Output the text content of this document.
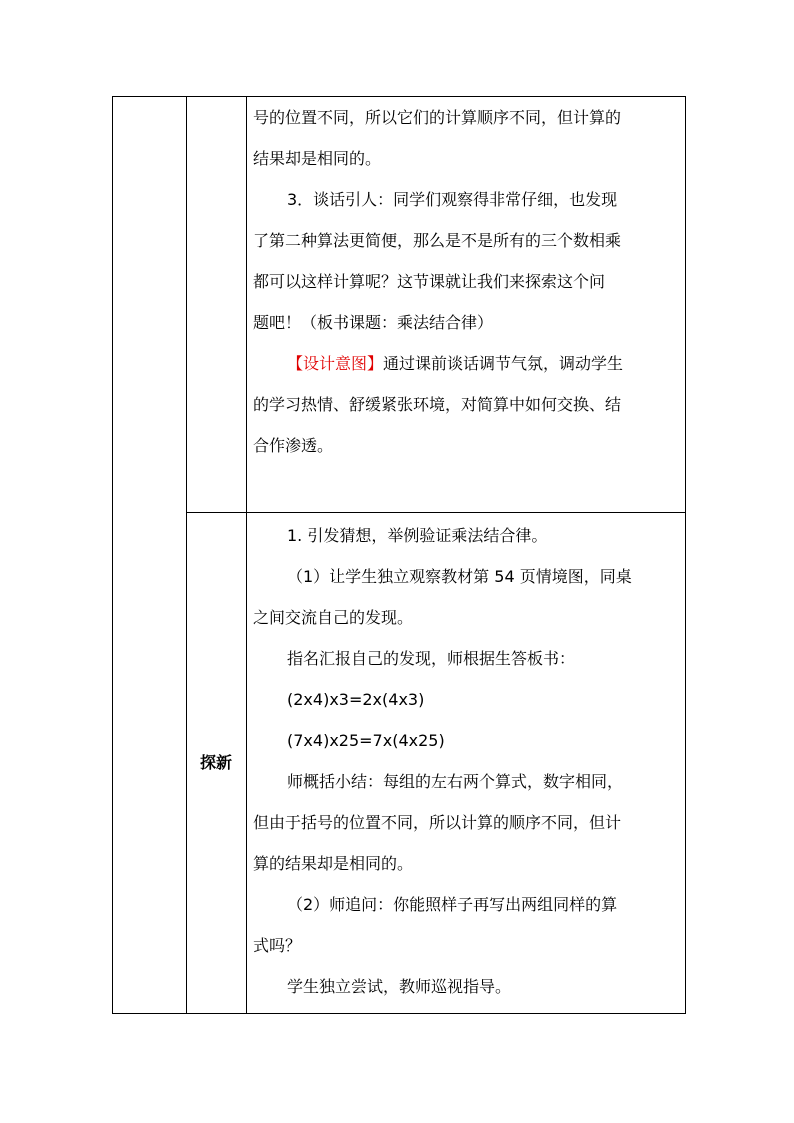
号的位置不同，所以它们的计算顺序不同，但计算的
结果却是相同的。
3．谈话引人：同学们观察得非常仔细，也发现
了第二种算法更简便，那么是不是所有的三个数相乘
都可以这样计算呢？这节课就让我们来探索这个问
题吧！（板书课题：乘法结合律）
【设计意图】通过课前谈话调节气氛，调动学生
的学习热情、舒缓紧张环境，对简算中如何交换、结
合作渗透。
探新
1. 引发猜想，举例验证乘法结合律。
（1）让学生独立观察教材第 54 页情境图，同桌
之间交流自己的发现。
指名汇报自己的发现，师根据生答板书：
(2x4)x3=2x(4x3)
(7x4)x25=7x(4x25)
师概括小结：每组的左右两个算式，数字相同，
但由于括号的位置不同，所以计算的顺序不同，但计
算的结果却是相同的。
（2）师追问：你能照样子再写出两组同样的算
式吗？
学生独立尝试，教师巡视指导。
